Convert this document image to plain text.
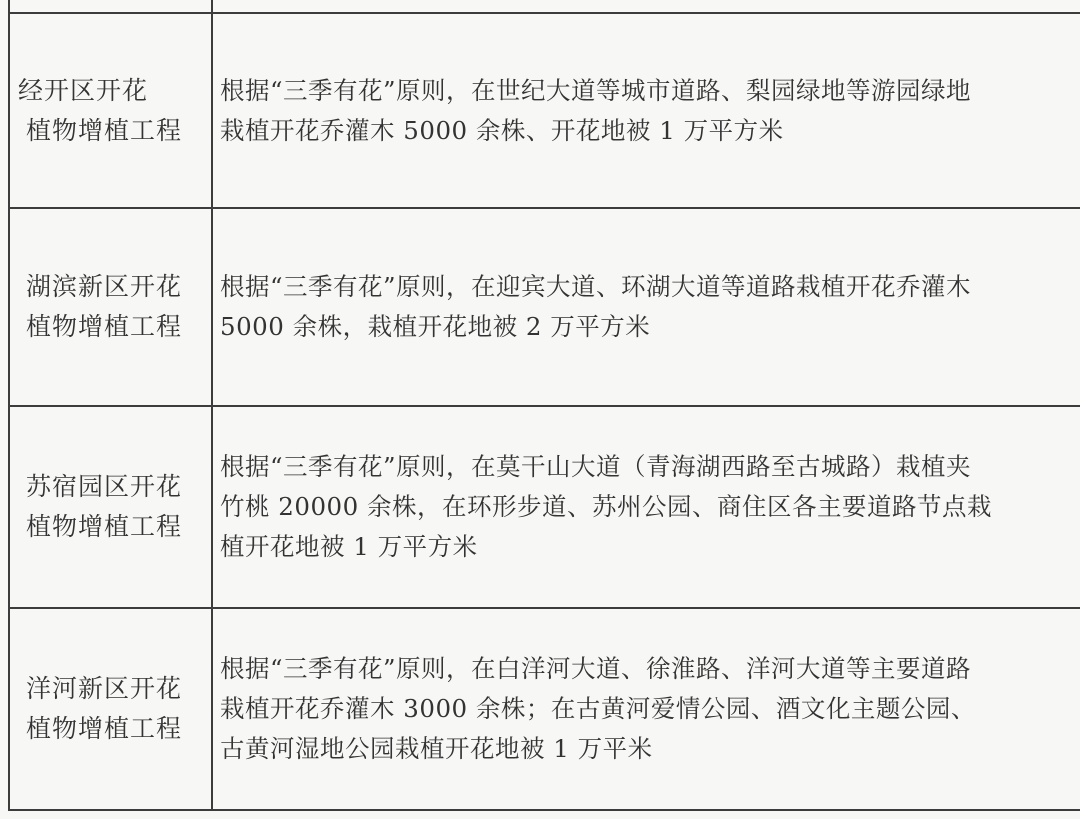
经开区开花
植物增植工程	根据“三季有花”原则，在世纪大道等城市道路、梨园绿地等游园绿地
栽植开花乔灌木 5000 余株、开花地被 1 万平方米

湖滨新区开花
植物增植工程	根据“三季有花”原则，在迎宾大道、环湖大道等道路栽植开花乔灌木
5000 余株，栽植开花地被 2 万平方米

苏宿园区开花
植物增植工程	根据“三季有花”原则，在莫干山大道（青海湖西路至古城路）栽植夹
竹桃 20000 余株，在环形步道、苏州公园、商住区各主要道路节点栽
植开花地被 1 万平方米

洋河新区开花
植物增植工程	根据“三季有花”原则，在白洋河大道、徐淮路、洋河大道等主要道路
栽植开花乔灌木 3000 余株；在古黄河爱情公园、酒文化主题公园、
古黄河湿地公园栽植开花地被 1 万平米
